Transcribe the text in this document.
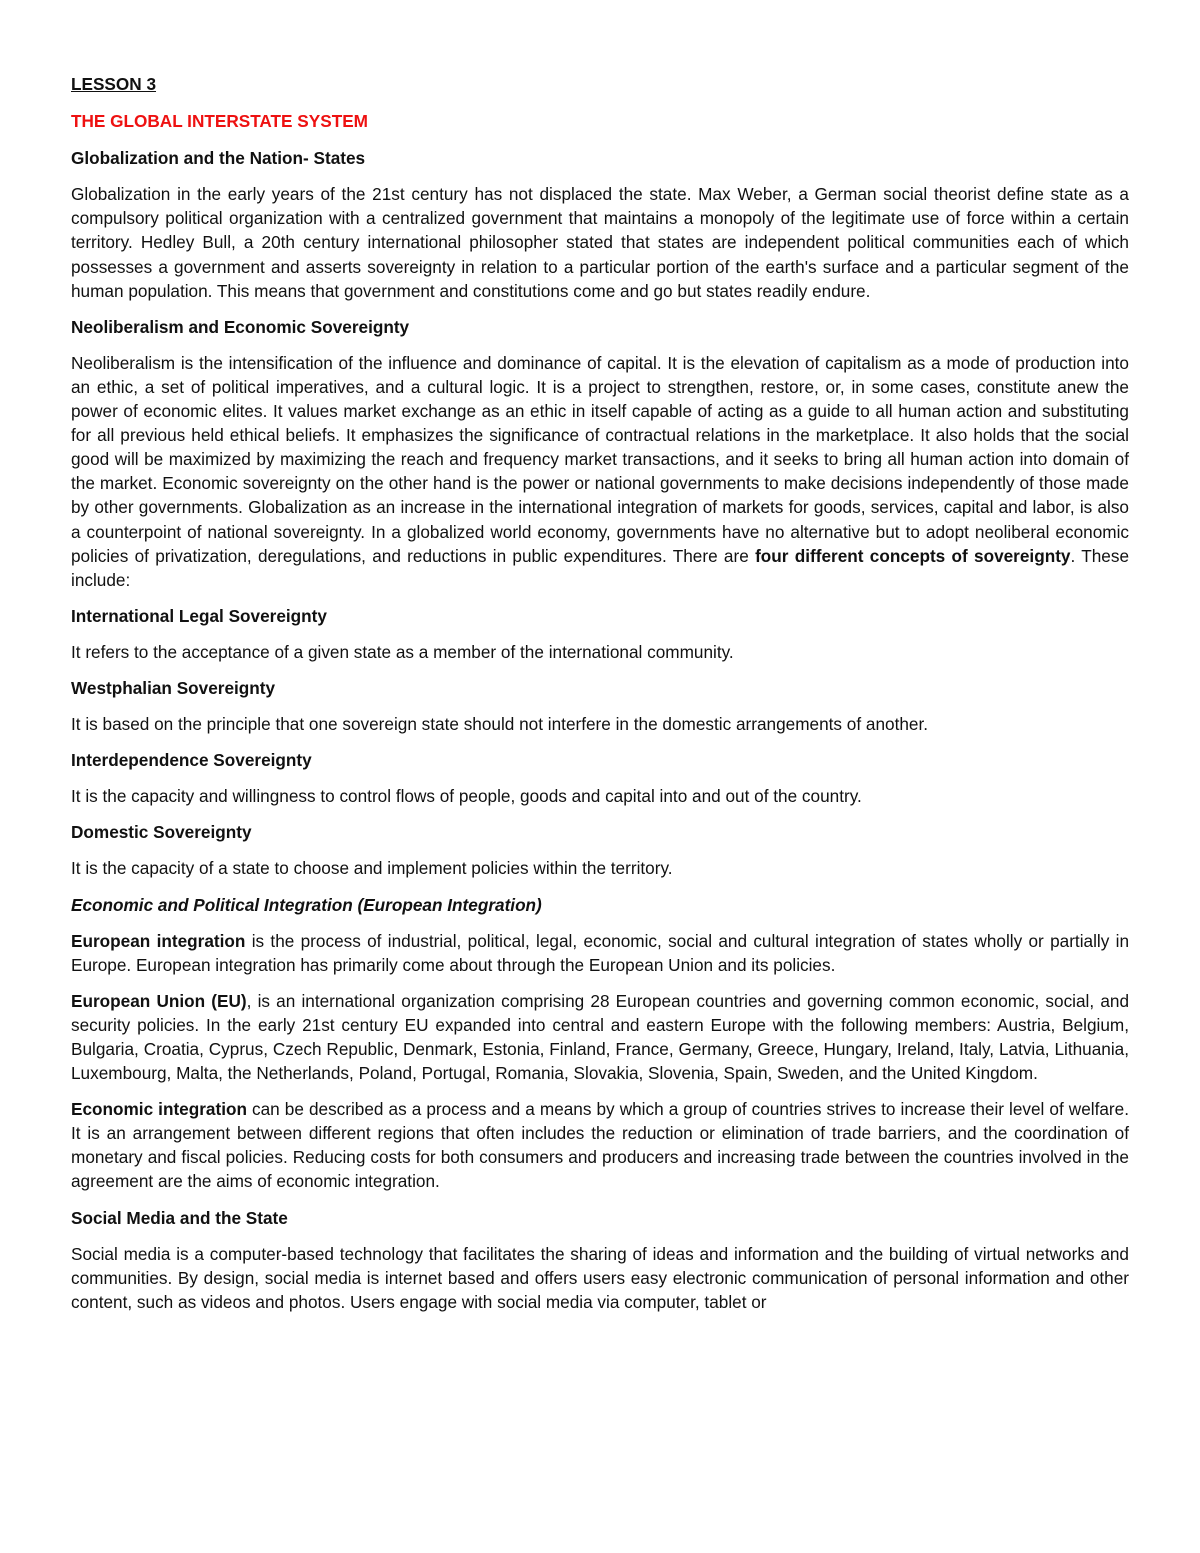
LESSON 3
THE GLOBAL INTERSTATE SYSTEM
Globalization and the Nation- States

Globalization in the early years of the 21st century has not displaced the state. Max Weber, a German social theorist define state as a compulsory political organization with a centralized government that maintains a monopoly of the legitimate use of force within a certain territory. Hedley Bull, a 20th century international philosopher stated that states are independent political communities each of which possesses a government and asserts sovereignty in relation to a particular portion of the earth's surface and a particular segment of the human population. This means that government and constitutions come and go but states readily endure.

Neoliberalism and Economic Sovereignty

Neoliberalism is the intensification of the influence and dominance of capital. It is the elevation of capitalism as a mode of production into an ethic, a set of political imperatives, and a cultural logic. It is a project to strengthen, restore, or, in some cases, constitute anew the power of economic elites. It values market exchange as an ethic in itself capable of acting as a guide to all human action and substituting for all previous held ethical beliefs. It emphasizes the significance of contractual relations in the marketplace. It also holds that the social good will be maximized by maximizing the reach and frequency market transactions, and it seeks to bring all human action into domain of the market. Economic sovereignty on the other hand is the power or national governments to make decisions independently of those made by other governments. Globalization as an increase in the international integration of markets for goods, services, capital and labor, is also a counterpoint of national sovereignty. In a globalized world economy, governments have no alternative but to adopt neoliberal economic policies of privatization, deregulations, and reductions in public expenditures. There are four different concepts of sovereignty. These include:

International Legal Sovereignty

It refers to the acceptance of a given state as a member of the international community.

Westphalian Sovereignty

It is based on the principle that one sovereign state should not interfere in the domestic arrangements of another.

Interdependence Sovereignty

It is the capacity and willingness to control flows of people, goods and capital into and out of the country.

Domestic Sovereignty

It is the capacity of a state to choose and implement policies within the territory.

Economic and Political Integration (European Integration)

European integration is the process of industrial, political, legal, economic, social and cultural integration of states wholly or partially in Europe. European integration has primarily come about through the European Union and its policies.

European Union (EU), is an international organization comprising 28 European countries and governing common economic, social, and security policies. In the early 21st century EU expanded into central and eastern Europe with the following members: Austria, Belgium, Bulgaria, Croatia, Cyprus, Czech Republic, Denmark, Estonia, Finland, France, Germany, Greece, Hungary, Ireland, Italy, Latvia, Lithuania, Luxembourg, Malta, the Netherlands, Poland, Portugal, Romania, Slovakia, Slovenia, Spain, Sweden, and the United Kingdom.

Economic integration can be described as a process and a means by which a group of countries strives to increase their level of welfare. It is an arrangement between different regions that often includes the reduction or elimination of trade barriers, and the coordination of monetary and fiscal policies. Reducing costs for both consumers and producers and increasing trade between the countries involved in the agreement are the aims of economic integration.

Social Media and the State

Social media is a computer-based technology that facilitates the sharing of ideas and information and the building of virtual networks and communities. By design, social media is internet based and offers users easy electronic communication of personal information and other content, such as videos and photos. Users engage with social media via computer, tablet or
